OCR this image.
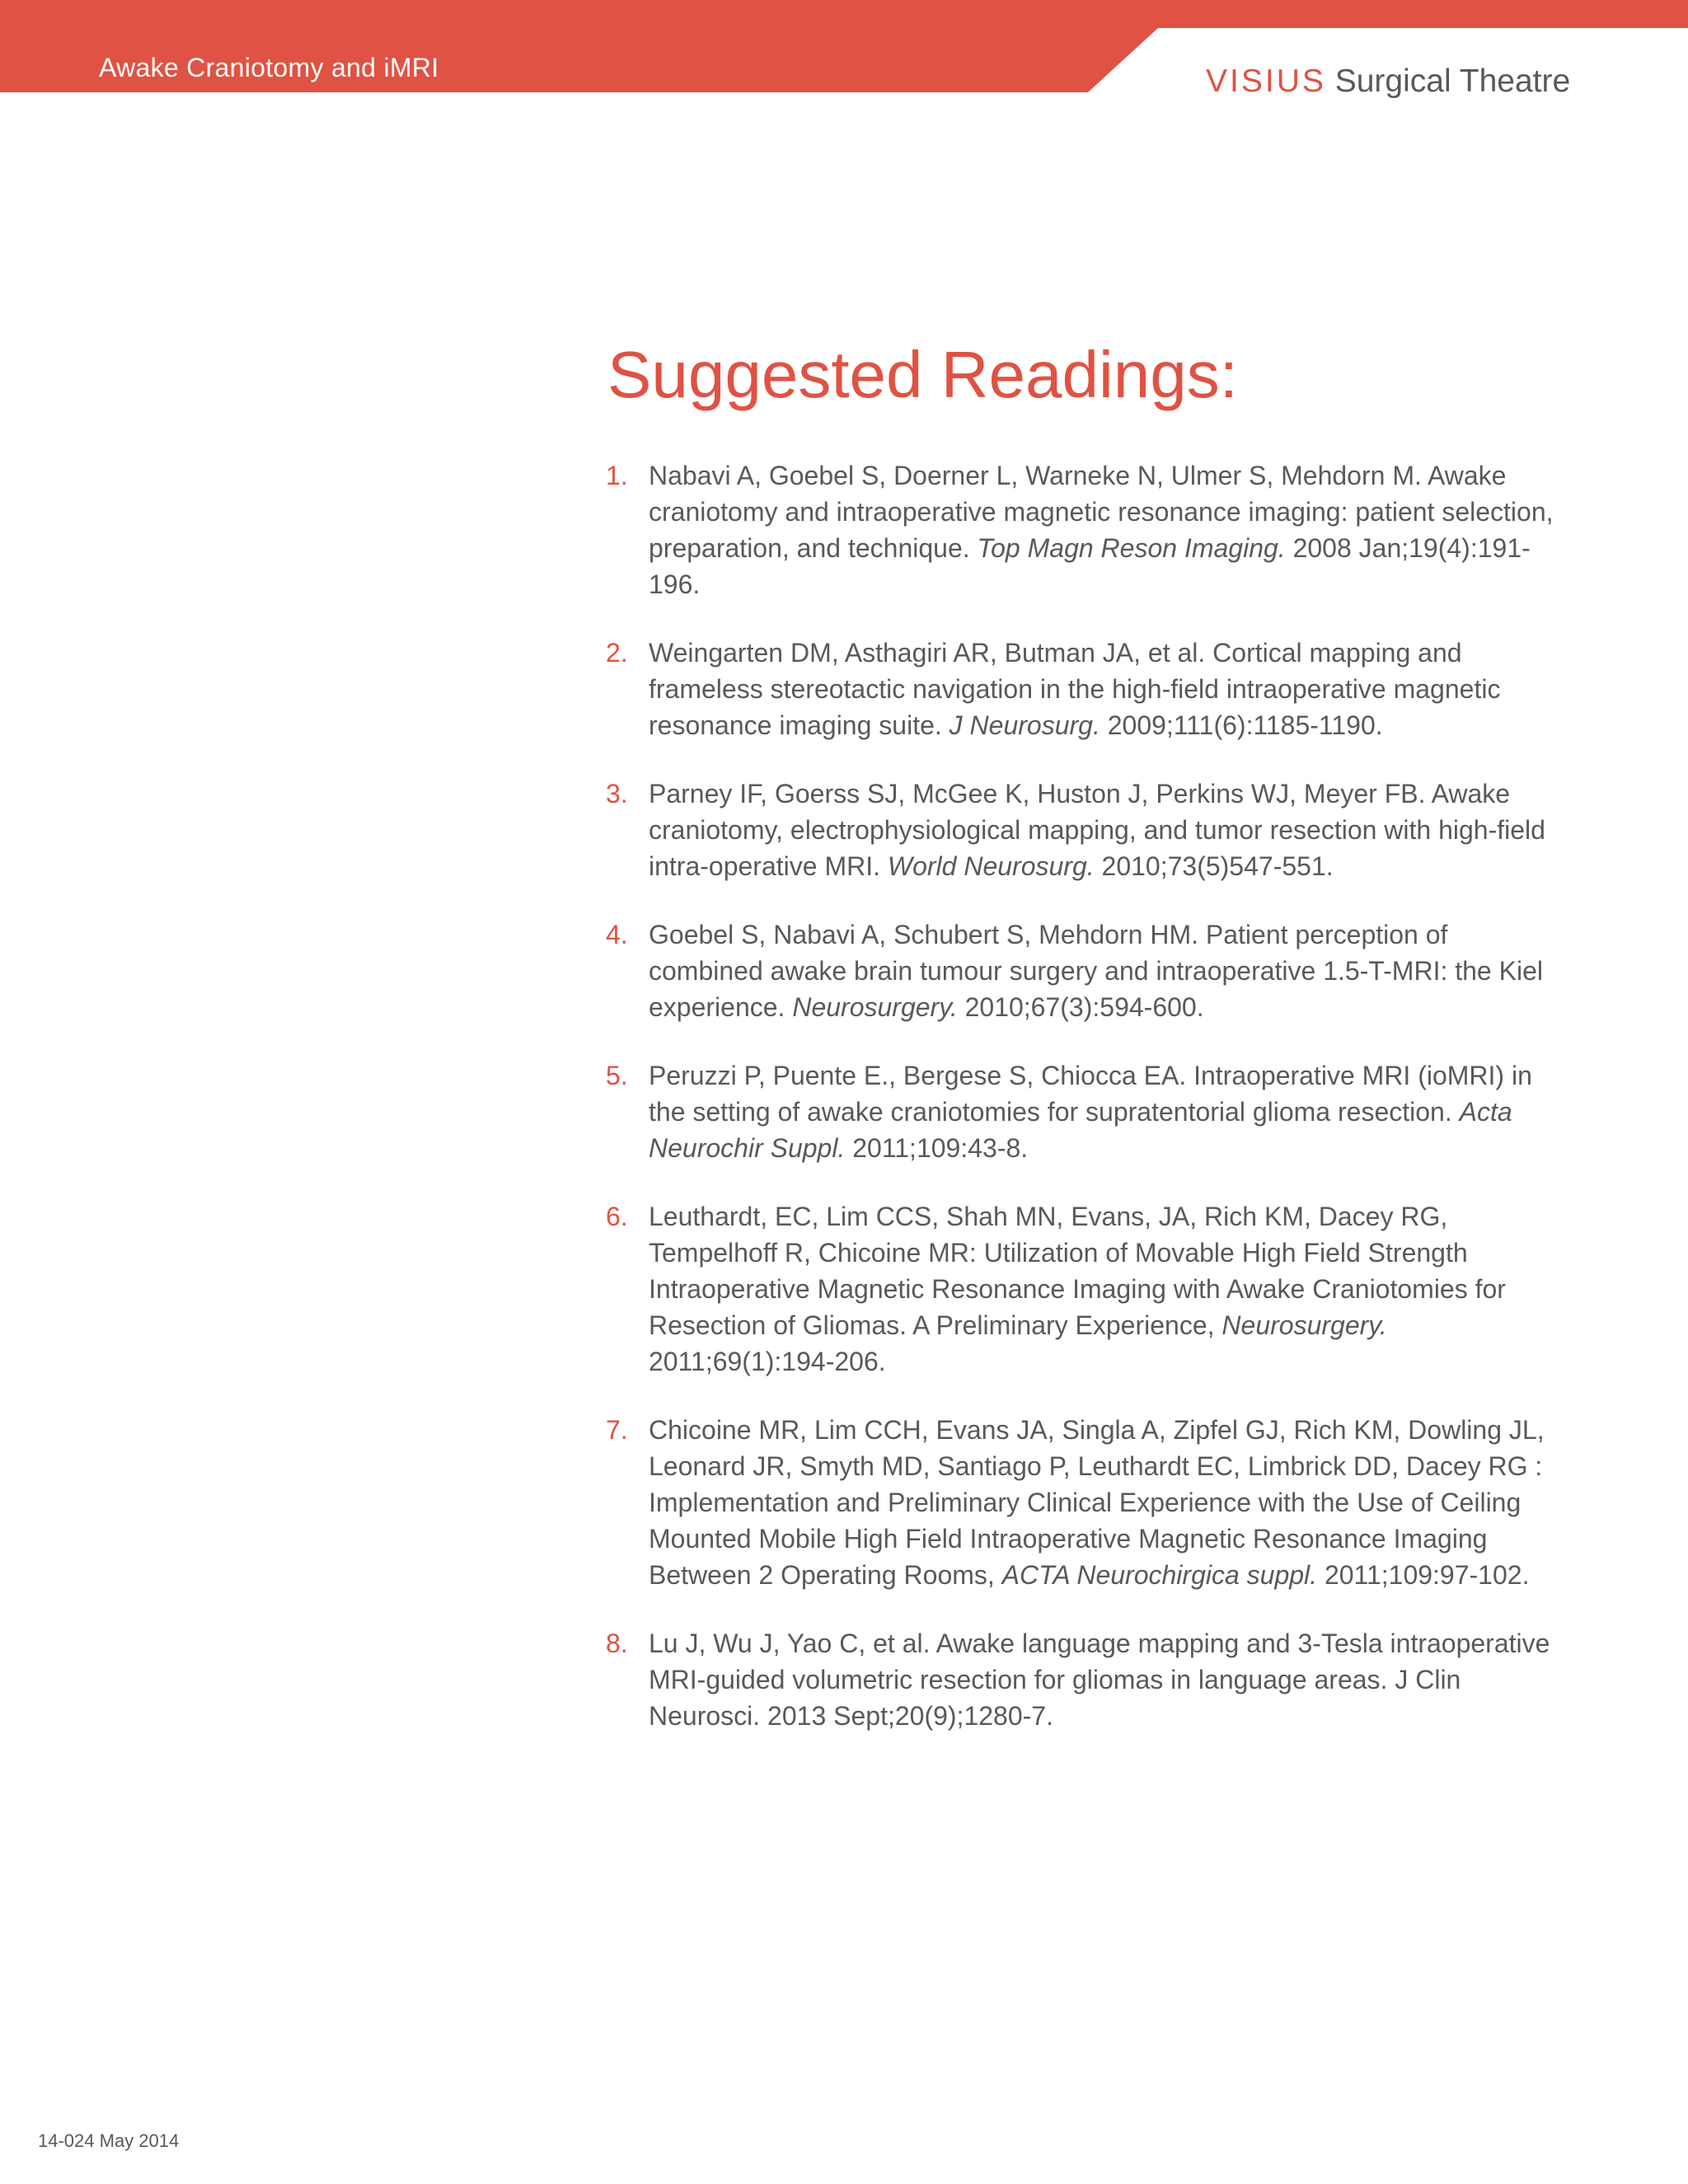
Awake Craniotomy and iMRI	VISIUS Surgical Theatre
Suggested Readings:
1. Nabavi A, Goebel S, Doerner L, Warneke N, Ulmer S, Mehdorn M. Awake craniotomy and intraoperative magnetic resonance imaging: patient selection, preparation, and technique. Top Magn Reson Imaging. 2008 Jan;19(4):191-196.
2. Weingarten DM, Asthagiri AR, Butman JA, et al. Cortical mapping and frameless stereotactic navigation in the high-field intraoperative magnetic resonance imaging suite. J Neurosurg. 2009;111(6):1185-1190.
3. Parney IF, Goerss SJ, McGee K, Huston J, Perkins WJ, Meyer FB. Awake craniotomy, electrophysiological mapping, and tumor resection with high-field intra-operative MRI. World Neurosurg. 2010;73(5)547-551.
4. Goebel S, Nabavi A, Schubert S, Mehdorn HM. Patient perception of combined awake brain tumour surgery and intraoperative 1.5-T-MRI: the Kiel experience. Neurosurgery. 2010;67(3):594-600.
5. Peruzzi P, Puente E., Bergese S, Chiocca EA. Intraoperative MRI (ioMRI) in the setting of awake craniotomies for supratentorial glioma resection. Acta Neurochir Suppl. 2011;109:43-8.
6. Leuthardt, EC, Lim CCS, Shah MN, Evans, JA, Rich KM, Dacey RG, Tempelhoff R, Chicoine MR: Utilization of Movable High Field Strength Intraoperative Magnetic Resonance Imaging with Awake Craniotomies for Resection of Gliomas. A Preliminary Experience, Neurosurgery. 2011;69(1):194-206.
7. Chicoine MR, Lim CCH, Evans JA, Singla A, Zipfel GJ, Rich KM, Dowling JL, Leonard JR, Smyth MD, Santiago P, Leuthardt EC, Limbrick DD, Dacey RG : Implementation and Preliminary Clinical Experience with the Use of Ceiling Mounted Mobile High Field Intraoperative Magnetic Resonance Imaging Between 2 Operating Rooms, ACTA Neurochirgica suppl. 2011;109:97-102.
8. Lu J, Wu J, Yao C, et al. Awake language mapping and 3-Tesla intraoperative MRI-guided volumetric resection for gliomas in language areas. J Clin Neurosci. 2013 Sept;20(9);1280-7.
14-024 May 2014
